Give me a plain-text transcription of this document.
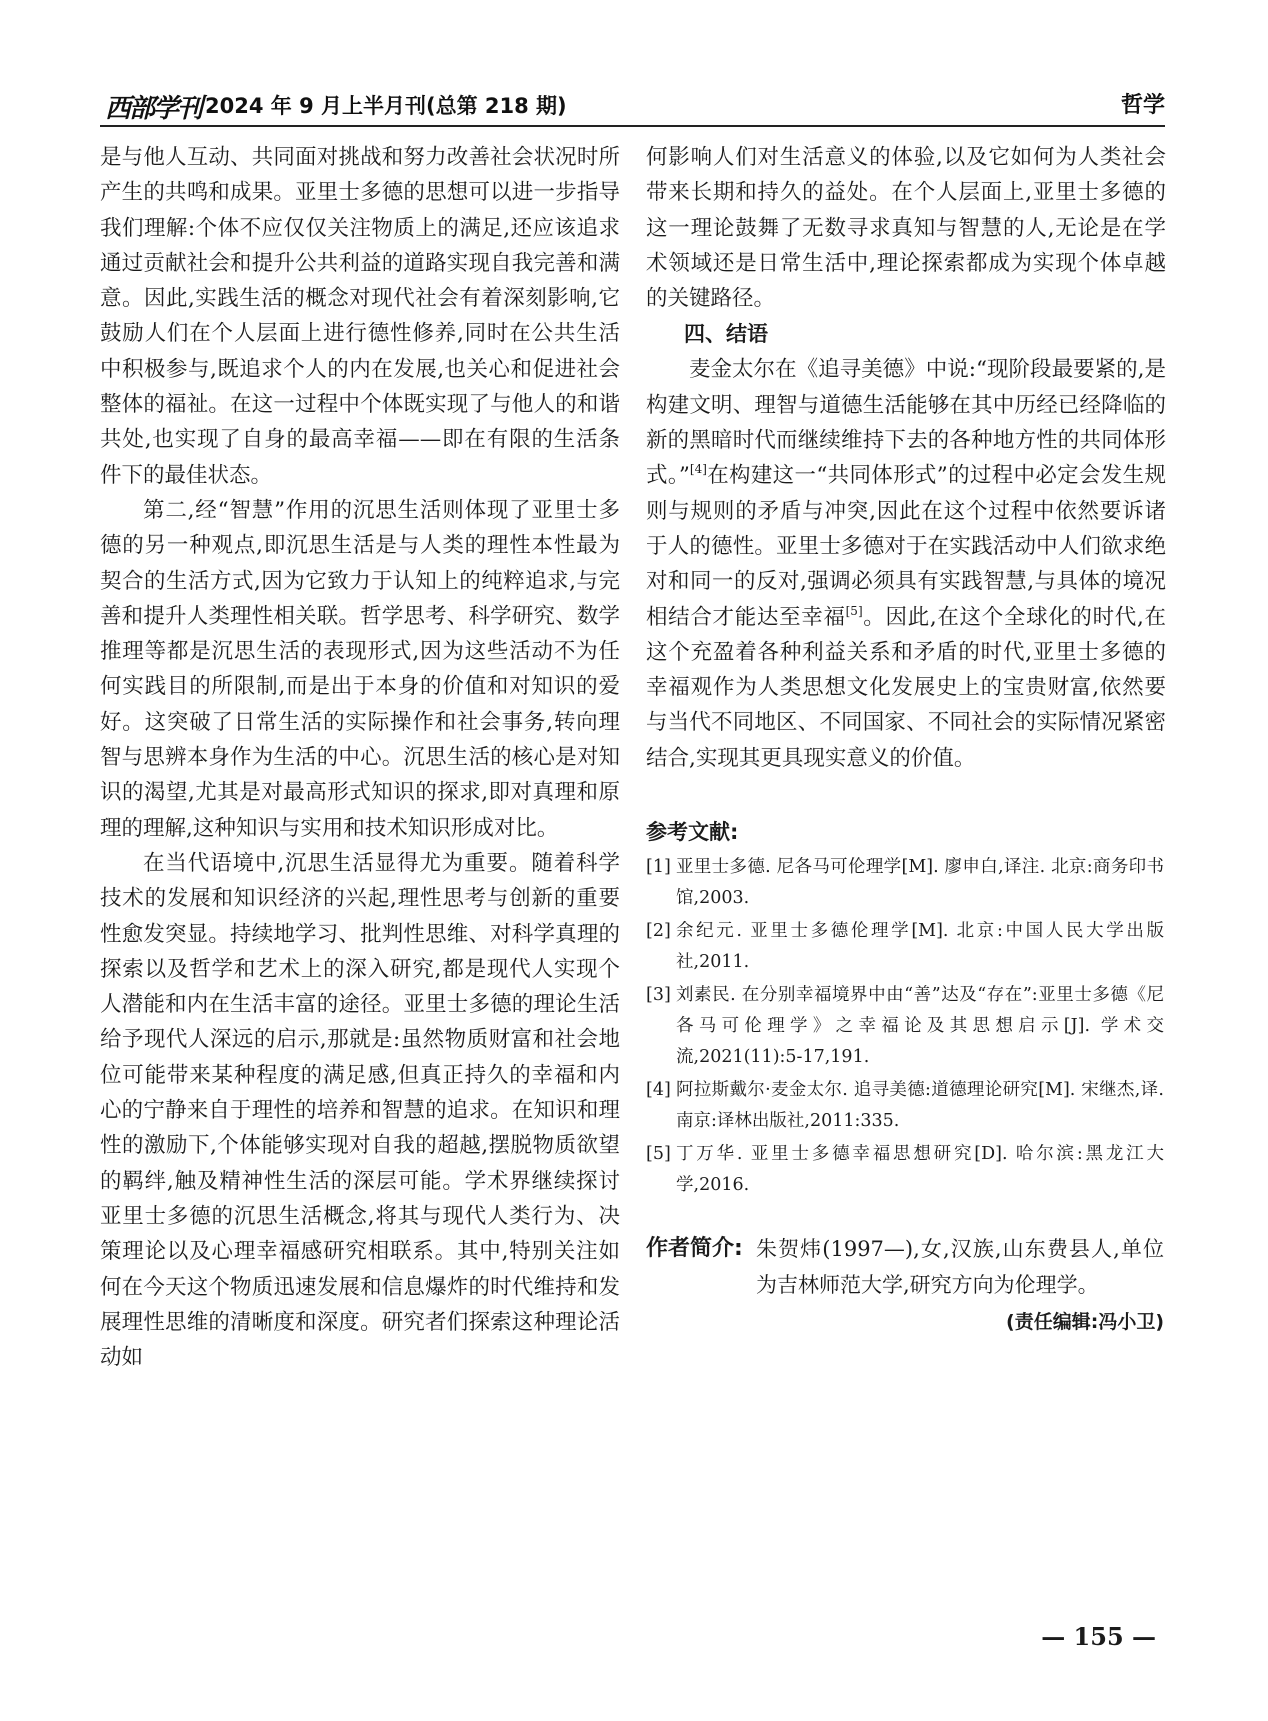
西部学刊 2024 年 9 月上半月刊(总第 218 期)	哲学

是与他人互动、共同面对挑战和努力改善社会状况时所产生的共鸣和成果。亚里士多德的思想可以进一步指导我们理解:个体不应仅仅关注物质上的满足,还应该追求通过贡献社会和提升公共利益的道路实现自我完善和满意。因此,实践生活的概念对现代社会有着深刻影响,它鼓励人们在个人层面上进行德性修养,同时在公共生活中积极参与,既追求个人的内在发展,也关心和促进社会整体的福祉。在这一过程中个体既实现了与他人的和谐共处,也实现了自身的最高幸福——即在有限的生活条件下的最佳状态。

第二,经“智慧”作用的沉思生活则体现了亚里士多德的另一种观点,即沉思生活是与人类的理性本性最为契合的生活方式,因为它致力于认知上的纯粹追求,与完善和提升人类理性相关联。哲学思考、科学研究、数学推理等都是沉思生活的表现形式,因为这些活动不为任何实践目的所限制,而是出于本身的价值和对知识的爱好。这突破了日常生活的实际操作和社会事务,转向理智与思辨本身作为生活的中心。沉思生活的核心是对知识的渴望,尤其是对最高形式知识的探求,即对真理和原理的理解,这种知识与实用和技术知识形成对比。

在当代语境中,沉思生活显得尤为重要。随着科学技术的发展和知识经济的兴起,理性思考与创新的重要性愈发突显。持续地学习、批判性思维、对科学真理的探索以及哲学和艺术上的深入研究,都是现代人实现个人潜能和内在生活丰富的途径。亚里士多德的理论生活给予现代人深远的启示,那就是:虽然物质财富和社会地位可能带来某种程度的满足感,但真正持久的幸福和内心的宁静来自于理性的培养和智慧的追求。在知识和理性的激励下,个体能够实现对自我的超越,摆脱物质欲望的羁绊,触及精神性生活的深层可能。学术界继续探讨亚里士多德的沉思生活概念,将其与现代人类行为、决策理论以及心理幸福感研究相联系。其中,特别关注如何在今天这个物质迅速发展和信息爆炸的时代维持和发展理性思维的清晰度和深度。研究者们探索这种理论活动如

何影响人们对生活意义的体验,以及它如何为人类社会带来长期和持久的益处。在个人层面上,亚里士多德的这一理论鼓舞了无数寻求真知与智慧的人,无论是在学术领域还是日常生活中,理论探索都成为实现个体卓越的关键路径。

四、结语

麦金太尔在《追寻美德》中说:“现阶段最要紧的,是构建文明、理智与道德生活能够在其中历经已经降临的新的黑暗时代而继续维持下去的各种地方性的共同体形式。”[4]在构建这一“共同体形式”的过程中必定会发生规则与规则的矛盾与冲突,因此在这个过程中依然要诉诸于人的德性。亚里士多德对于在实践活动中人们欲求绝对和同一的反对,强调必须具有实践智慧,与具体的境况相结合才能达至幸福[5]。因此,在这个全球化的时代,在这个充盈着各种利益关系和矛盾的时代,亚里士多德的幸福观作为人类思想文化发展史上的宝贵财富,依然要与当代不同地区、不同国家、不同社会的实际情况紧密结合,实现其更具现实意义的价值。

参考文献:
[1] 亚里士多德. 尼各马可伦理学[M]. 廖申白,译注. 北京:商务印书馆,2003.
[2] 余纪元. 亚里士多德伦理学[M]. 北京:中国人民大学出版社,2011.
[3] 刘素民. 在分别幸福境界中由“善”达及“存在”:亚里士多德《尼各马可伦理学》之幸福论及其思想启示[J]. 学术交流,2021(11):5-17,191.
[4] 阿拉斯戴尔·麦金太尔. 追寻美德:道德理论研究[M]. 宋继杰,译. 南京:译林出版社,2011:335.
[5] 丁万华. 亚里士多德幸福思想研究[D]. 哈尔滨:黑龙江大学,2016.
作者简介: 朱贺炜(1997—),女,汉族,山东费县人,单位为吉林师范大学,研究方向为伦理学。
(责任编辑:冯小卫)
— 155 —
